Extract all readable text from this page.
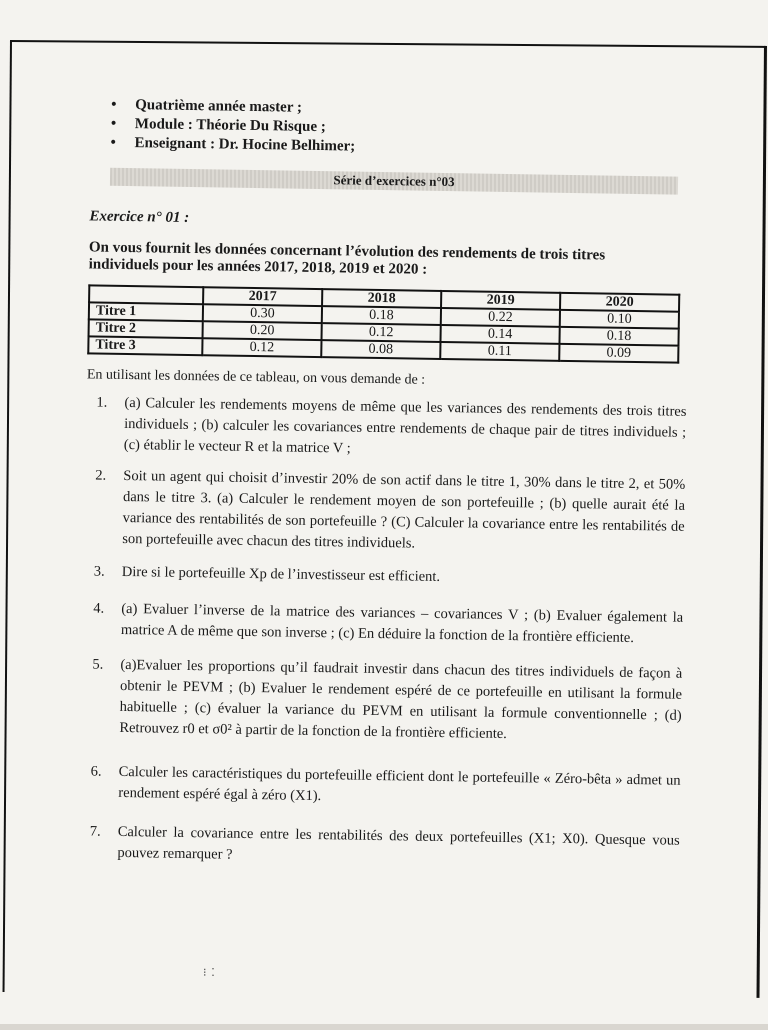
• Quatrième année master ;
• Module : Théorie Du Risque ;
• Enseignant : Dr. Hocine Belhimer;
Série d’exercices n°03
Exercice n° 01 :
On vous fournit les données concernant l’évolution des rendements de trois titres individuels pour les années 2017, 2018, 2019 et 2020 :
	2017	2018	2019	2020
Titre 1	0.30	0.18	0.22	0.10
Titre 2	0.20	0.12	0.14	0.18
Titre 3	0.12	0.08	0.11	0.09
En utilisant les données de ce tableau, on vous demande de :
1. (a) Calculer les rendements moyens de même que les variances des rendements des trois titres individuels ; (b) calculer les covariances entre rendements de chaque pair de titres individuels ; (c) établir le vecteur R et la matrice V ;
2. Soit un agent qui choisit d’investir 20% de son actif dans le titre 1, 30% dans le titre 2, et 50% dans le titre 3. (a) Calculer le rendement moyen de son portefeuille ; (b) quelle aurait été la variance des rentabilités de son portefeuille ? (C) Calculer la covariance entre les rentabilités de son portefeuille avec chacun des titres individuels.
3. Dire si le portefeuille Xp de l’investisseur est efficient.
4. (a) Evaluer l’inverse de la matrice des variances – covariances V ; (b) Evaluer également la matrice A de même que son inverse ; (c) En déduire la fonction de la frontière efficiente.
5. (a)Evaluer les proportions qu’il faudrait investir dans chacun des titres individuels de façon à obtenir le PEVM ; (b) Evaluer le rendement espéré de ce portefeuille en utilisant la formule habituelle ; (c) évaluer la variance du PEVM en utilisant la formule conventionnelle ; (d) Retrouvez r0 et σ0² à partir de la fonction de la frontière efficiente.
6. Calculer les caractéristiques du portefeuille efficient dont le portefeuille « Zéro-bêta » admet un rendement espéré égal à zéro (X1).
7. Calculer la covariance entre les rentabilités des deux portefeuilles (X1; X0). Quesque vous pouvez remarquer ?
⁝ ⁚
